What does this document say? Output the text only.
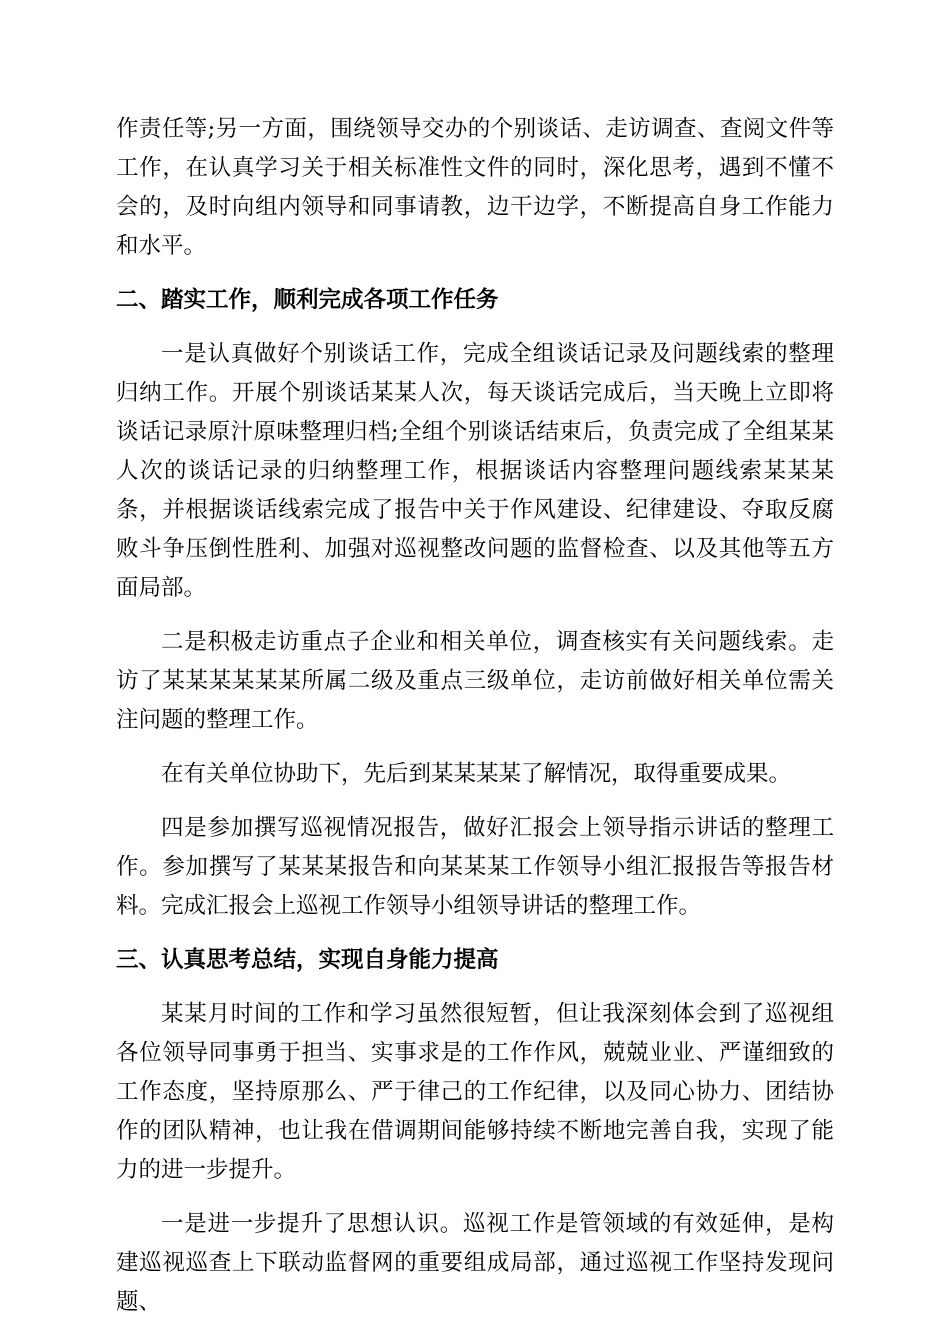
作责任等;另一方面，围绕领导交办的个别谈话、走访调查、查阅文件等工作，在认真学习关于相关标准性文件的同时，深化思考，遇到不懂不会的，及时向组内领导和同事请教，边干边学，不断提高自身工作能力和水平。

二、踏实工作，顺利完成各项工作任务

一是认真做好个别谈话工作，完成全组谈话记录及问题线索的整理归纳工作。开展个别谈话某某人次，每天谈话完成后，当天晚上立即将谈话记录原汁原味整理归档;全组个别谈话结束后，负责完成了全组某某人次的谈话记录的归纳整理工作，根据谈话内容整理问题线索某某某条，并根据谈话线索完成了报告中关于作风建设、纪律建设、夺取反腐败斗争压倒性胜利、加强对巡视整改问题的监督检查、以及其他等五方面局部。

二是积极走访重点子企业和相关单位，调查核实有关问题线索。走访了某某某某某某所属二级及重点三级单位，走访前做好相关单位需关注问题的整理工作。

在有关单位协助下，先后到某某某某了解情况，取得重要成果。

四是参加撰写巡视情况报告，做好汇报会上领导指示讲话的整理工作。参加撰写了某某某报告和向某某某工作领导小组汇报报告等报告材料。完成汇报会上巡视工作领导小组领导讲话的整理工作。

三、认真思考总结，实现自身能力提高

某某月时间的工作和学习虽然很短暂，但让我深刻体会到了巡视组各位领导同事勇于担当、实事求是的工作作风，兢兢业业、严谨细致的工作态度，坚持原那么、严于律己的工作纪律，以及同心协力、团结协作的团队精神，也让我在借调期间能够持续不断地完善自我，实现了能力的进一步提升。

一是进一步提升了思想认识。巡视工作是管领域的有效延伸，是构建巡视巡查上下联动监督网的重要组成局部，通过巡视工作坚持发现问题、
